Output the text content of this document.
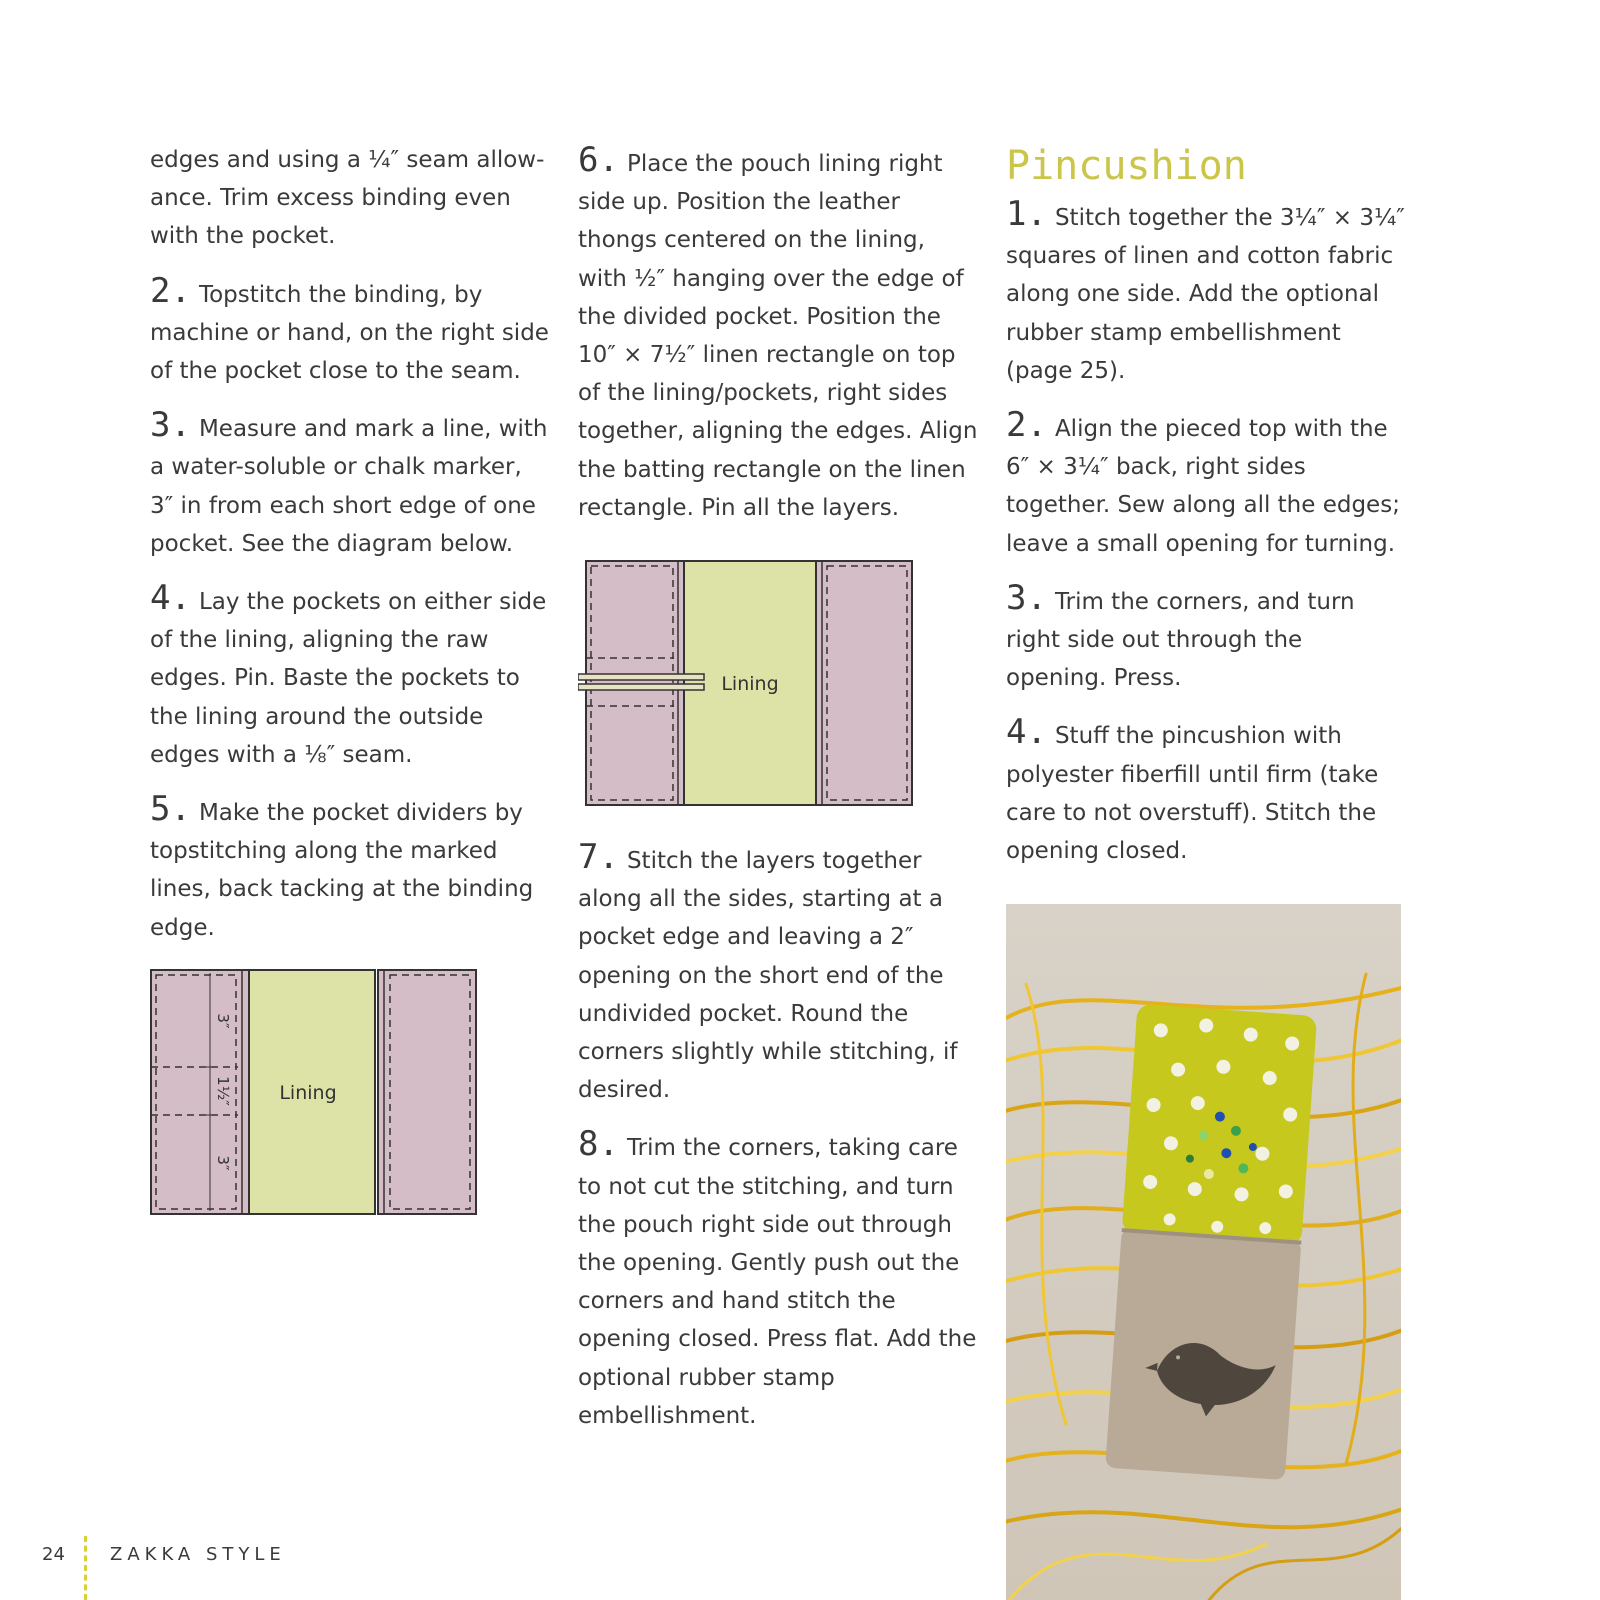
edges and using a ¼″ seam allowance. Trim excess binding even with the pocket.

2. Topstitch the binding, by machine or hand, on the right side of the pocket close to the seam.

3. Measure and mark a line, with a water-soluble or chalk marker, 3″ in from each short edge of one pocket. See the diagram below.

4. Lay the pockets on either side of the lining, aligning the raw edges. Pin. Baste the pockets to the lining around the outside edges with a ⅛″ seam.

5. Make the pocket dividers by topstitching along the marked lines, back tacking at the binding edge.

3″
1½″
3″
Lining

6. Place the pouch lining right side up. Position the leather thongs centered on the lining, with ½″ hanging over the edge of the divided pocket. Position the 10″ × 7½″ linen rectangle on top of the lining/pockets, right sides together, aligning the edges. Align the batting rectangle on the linen rectangle. Pin all the layers.

Lining

7. Stitch the layers together along all the sides, starting at a pocket edge and leaving a 2″ opening on the short end of the undivided pocket. Round the corners slightly while stitching, if desired.

8. Trim the corners, taking care to not cut the stitching, and turn the pouch right side out through the opening. Gently push out the corners and hand stitch the opening closed. Press flat. Add the optional rubber stamp embellishment.

Pincushion

1. Stitch together the 3¼″ × 3¼″ squares of linen and cotton fabric along one side. Add the optional rubber stamp embellishment (page 25).

2. Align the pieced top with the 6″ × 3¼″ back, right sides together. Sew along all the edges; leave a small opening for turning.

3. Trim the corners, and turn right side out through the opening. Press.

4. Stuff the pincushion with polyester fiberfill until firm (take care to not overstuff). Stitch the opening closed.

24	ZAKKA STYLE
